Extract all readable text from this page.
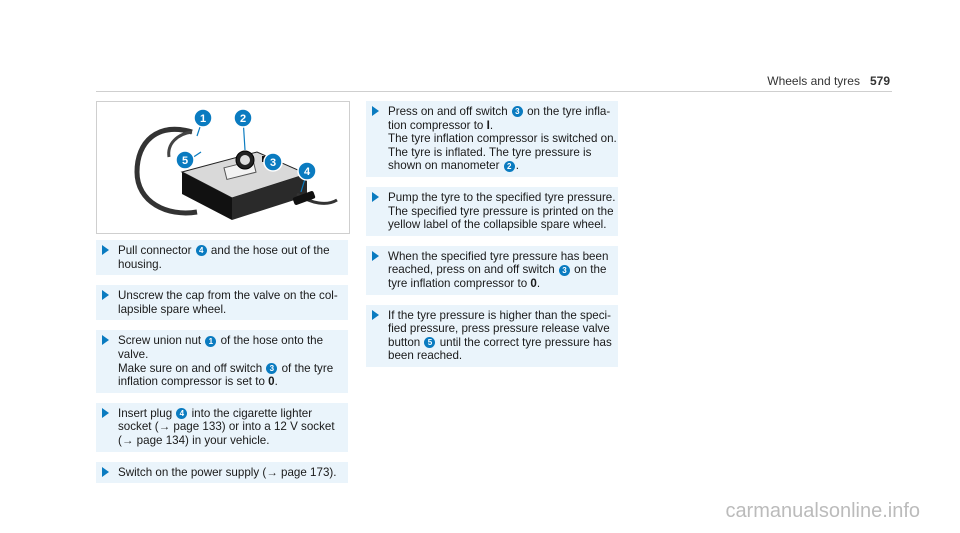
Wheels and tyres 579
1	2
3
4
5
Pull connector 4 and the hose out of the
housing.
Unscrew the cap from the valve on the col-
lapsible spare wheel.
Screw union nut 1 of the hose onto the
valve.
Make sure on and off switch 3 of the tyre
inflation compressor is set to 0.
Insert plug 4 into the cigarette lighter
socket (→ page 133) or into a 12 V socket
(→ page 134) in your vehicle.
Switch on the power supply (→ page 173).
Press on and off switch 3 on the tyre infla-
tion compressor to I.
The tyre inflation compressor is switched on.
The tyre is inflated. The tyre pressure is
shown on manometer 2 .
Pump the tyre to the specified tyre pressure.
The specified tyre pressure is printed on the
yellow label of the collapsible spare wheel.
When the specified tyre pressure has been
reached, press on and off switch 3 on the
tyre inflation compressor to 0.
If the tyre pressure is higher than the speci-
fied pressure, press pressure release valve
button 5 until the correct tyre pressure has
been reached.
carmanualsonline.info
